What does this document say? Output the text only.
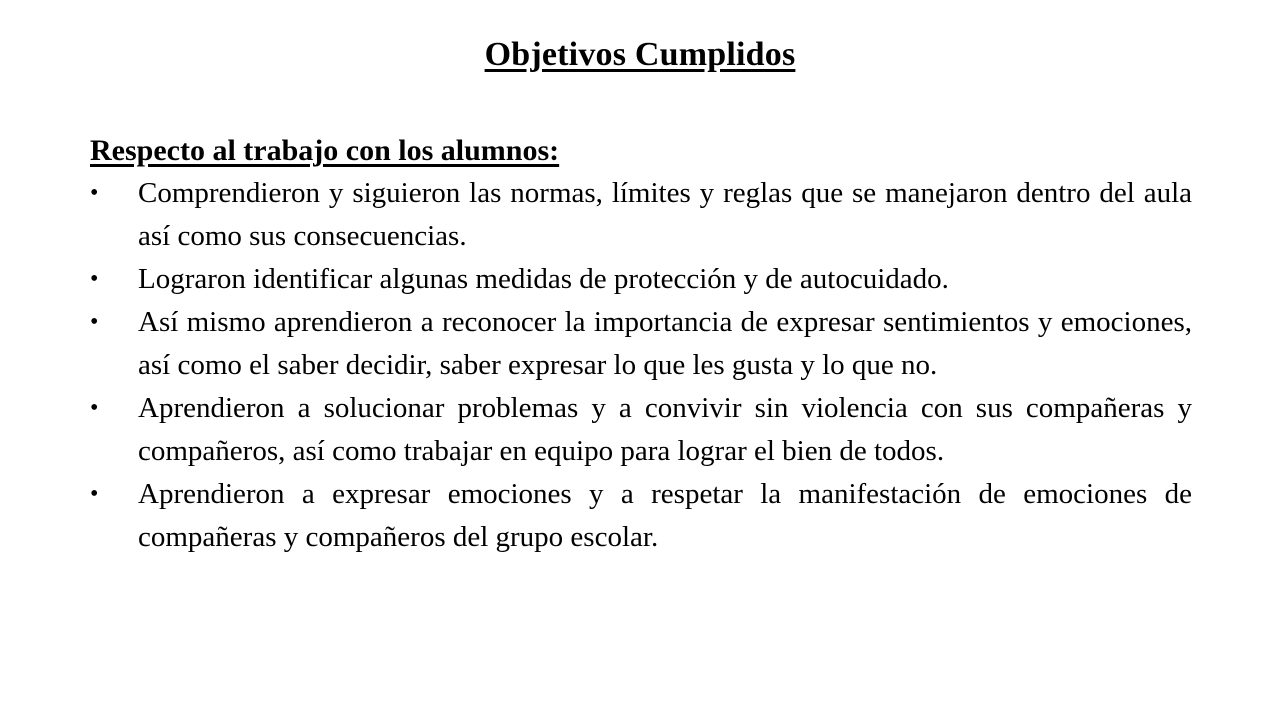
Objetivos Cumplidos

Respecto al trabajo con los alumnos:

•	Comprendieron y siguieron las normas, límites y reglas que se manejaron dentro del aula así como sus consecuencias.
•	Lograron identificar algunas medidas de protección y de autocuidado.
•	Así mismo aprendieron a reconocer la importancia de expresar sentimientos y emociones, así como el saber decidir, saber expresar lo que les gusta y lo que no.
•	Aprendieron a solucionar problemas y a convivir sin violencia con sus compañeras y compañeros, así como trabajar en equipo para lograr el bien de todos.
•	Aprendieron a expresar emociones y a respetar la manifestación de emociones de compañeras y compañeros del grupo escolar.
